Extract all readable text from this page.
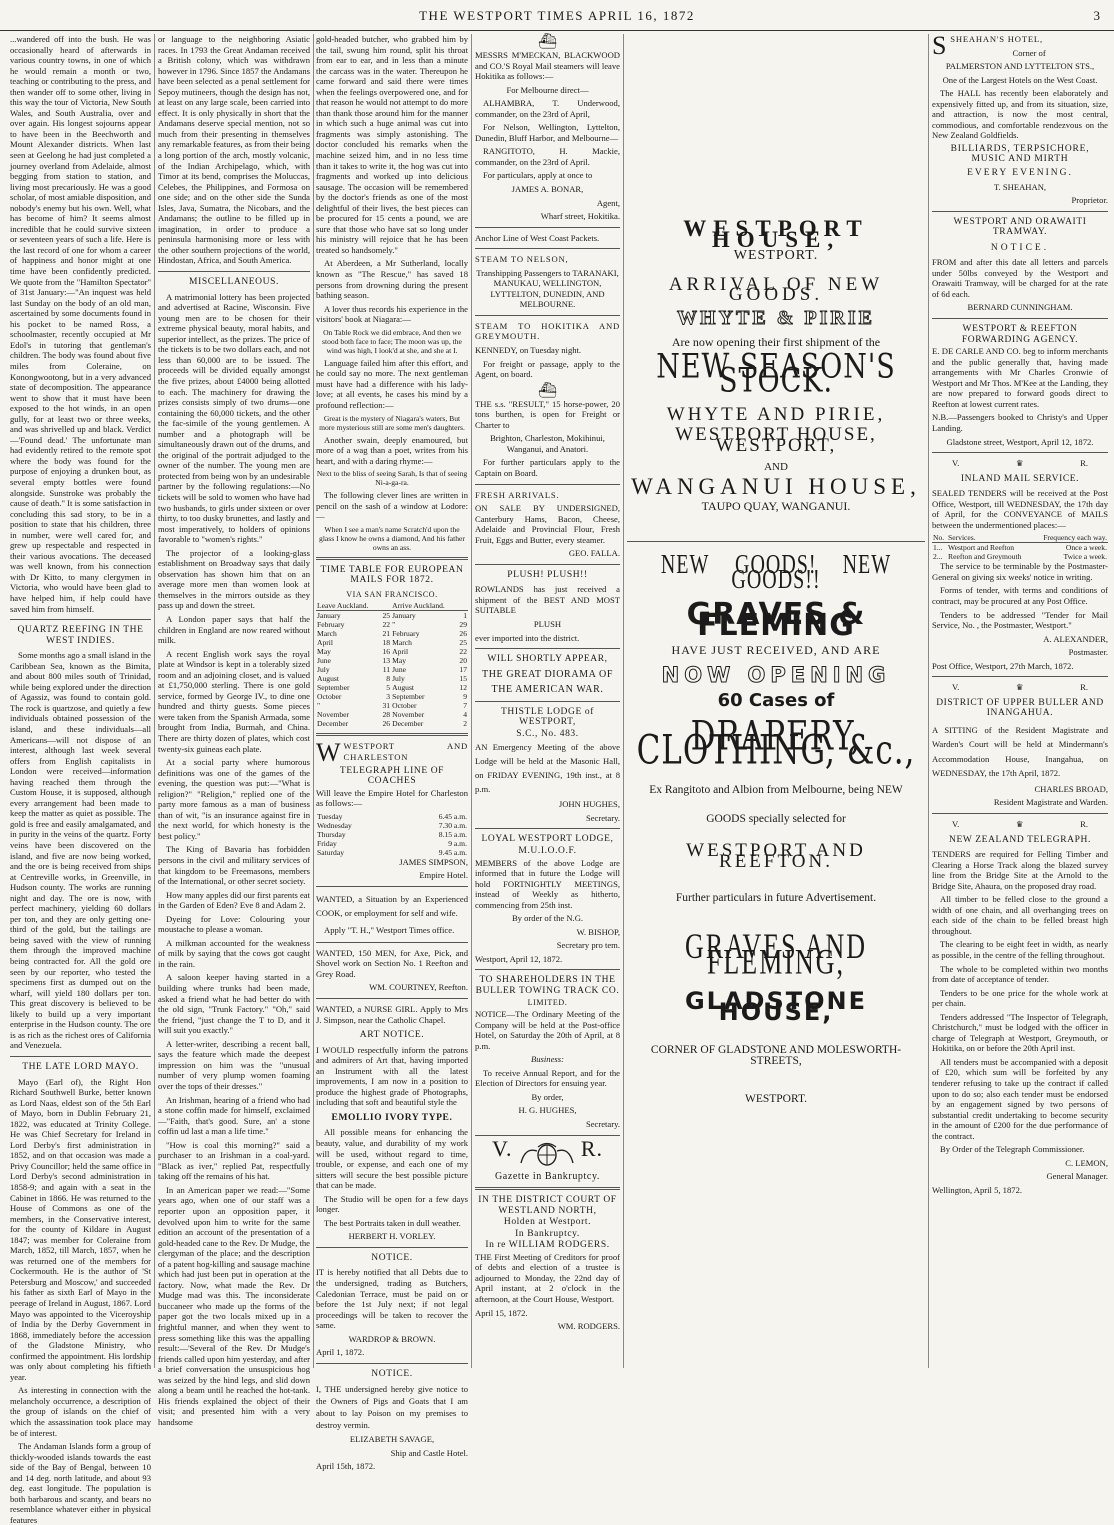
THE WESTPORT TIMES APRIL 16, 1872	3

...wandered off into the bush. He was occasionally heard of afterwards in various country towns, in one of which he would remain a month or two, teaching or contributing to the press, and then wander off to some other, living in this way the tour of Victoria, New South Wales, and South Australia, over and over again. His longest sojourns appear to have been in the Beechworth and Mount Alexander districts. When last seen at Geelong he had just completed a journey overland from Adelaide, almost begging from station to station, and living most precariously. He was a good scholar, of most amiable disposition, and nobody's enemy but his own. Well, what has become of him? It seems almost incredible that he could survive sixteen or seventeen years of such a life. Here is the last record of one for whom a career of happiness and honor might at one time have been confidently predicted. We quote from the "Hamilton Spectator" of 31st January:—"An inquest was held last Sunday on the body of an old man, ascertained by some documents found in his pocket to be named Ross, a schoolmaster, recently occupied at Mr Edol's in tutoring that gentleman's children. The body was found about five miles from Coleraine, on Konongwootong, but in a very advanced state of decomposition. The appearance went to show that it must have been exposed to the hot winds, in an open gully, for at least two or three weeks, and was shrivelled up and black. Verdict—'Found dead.' The unfortunate man had evidently retired to the remote spot where the body was found for the purpose of enjoying a drunken bout, as several empty bottles were found alongside. Sunstroke was probably the cause of death." It is some satisfaction in concluding this sad story, to be in a position to state that his children, three in number, were well cared for, and grew up respectable and respected in their various avocations. The deceased was well known, from his connection with Dr Kitto, to many clergymen in Victoria, who would have been glad to have helped him, if help could have saved him from himself.

QUARTZ REEFING IN THE WEST INDIES.

Some months ago a small island in the Caribbean Sea, known as the Bimita, and about 800 miles south of Trinidad, while being explored under the direction of Agassiz, was found to contain gold. The rock is quartzose, and quietly a few individuals obtained possession of the island, and these individuals—all Americans—will not dispose of an interest, although last week several offers from English capitalists in London were received—information having reached them through the Custom House, it is supposed, although every arrangement had been made to keep the matter as quiet as possible. The gold is free and easily amalgamated, and in purity in the veins of the quartz. Forty veins have been discovered on the island, and five are now being worked, and the ore is being received from ships at Centreville works, in Greenville, in Hudson county. The works are running night and day. The ore is now, with perfect machinery, yielding 60 dollars per ton, and they are only getting one-third of the gold, but the tailings are being saved with the view of running them through the improved machine being contracted for. All the gold ore seen by our reporter, who tested the specimens first as dumped out on the wharf, will yield 180 dollars per ton. This great discovery is believed to be likely to build up a very important enterprise in the Hudson county. The ore is as rich as the richest ores of California and Venezuela.

THE LATE LORD MAYO.

Mayo (Earl of), the Right Hon Richard Southwell Burke, better known as Lord Naas, eldest son of the 5th Earl of Mayo, born in Dublin February 21, 1822, was educated at Trinity College. He was Chief Secretary for Ireland in Lord Derby's first administration in 1852, and on that occasion was made a Privy Councillor; held the same office in Lord Derby's second administration in 1858-9; and again with a seat in the Cabinet in 1866. He was returned to the House of Commons as one of the members, in the Conservative interest, for the county of Kildare in August 1847; was member for Coleraine from March, 1852, till March, 1857, when he was returned one of the members for Cockermouth. He is the author of 'St Petersburg and Moscow,' and succeeded his father as sixth Earl of Mayo in the peerage of Ireland in August, 1867. Lord Mayo was appointed to the Viceroyship of India by the Derby Government in 1868, immediately before the accession of the Gladstone Ministry, who confirmed the appointment. His lordship was only about completing his fiftieth year.

As interesting in connection with the melancholy occurrence, a description of the group of islands on the chief of which the assassination took place may be of interest.

The Andaman Islands form a group of thickly-wooded islands towards the east side of the Bay of Bengal, between 10 and 14 deg. north latitude, and about 93 deg. east longitude. The population is both barbarous and scanty, and bears no resemblance whatever either in physical features

or language to the neighboring Asiatic races. In 1793 the Great Andaman received a British colony, which was withdrawn however in 1796. Since 1857 the Andamans have been selected as a penal settlement for Sepoy mutineers, though the design has not, at least on any large scale, been carried into effect. It is only physically in short that the Andamans deserve special mention, not so much from their presenting in themselves any remarkable features, as from their being a long portion of the arch, mostly volcanic, of the Indian Archipelago, which, with Timor at its bend, comprises the Moluccas, Celebes, the Philippines, and Formosa on one side; and on the other side the Sunda Isles, Java, Sumatra, the Nicobars, and the Andamans; the outline to be filled up in imagination, in order to produce a peninsula harmonising more or less with the other southern projections of the world, Hindostan, Africa, and South America.

MISCELLANEOUS.

A matrimonial lottery has been projected and advertised at Racine, Wisconsin. Five young men are to be chosen for their extreme physical beauty, moral habits, and superior intellect, as the prizes. The price of the tickets is to be two dollars each, and not less than 60,000 are to be issued. The proceeds will be divided equally amongst the five prizes, about £4000 being allotted to each. The machinery for drawing the prizes consists simply of two drums—one containing the 60,000 tickets, and the other the fac-simile of the young gentlemen. A number and a photograph will be simultaneously drawn out of the drums, and the original of the portrait adjudged to the owner of the number. The young men are protected from being won by an undesirable partner by the following regulations:—No tickets will be sold to women who have had two husbands, to girls under sixteen or over thirty, to too dusky brunettes, and lastly and most imperatively, to holders of opinions favorable to "women's rights."

The projector of a looking-glass establishment on Broadway says that daily observation has shown him that on an average more men than women look at themselves in the mirrors outside as they pass up and down the street.

A London paper says that half the children in England are now reared without milk.

A recent English work says the royal plate at Windsor is kept in a tolerably sized room and an adjoining closet, and is valued at £1,750,000 sterling. There is one gold service, formed by George IV., to dine one hundred and thirty guests. Some pieces were taken from the Spanish Armada, some brought from India, Burmah, and China. There are thirty dozen of plates, which cost twenty-six guineas each plate.

At a social party where humorous definitions was one of the games of the evening, the question was put:—"What is religion?" "Religion," replied one of the party more famous as a man of business than of wit, "is an insurance against fire in the next world, for which honesty is the best policy."

The King of Bavaria has forbidden persons in the civil and military services of that kingdom to be Freemasons, members of the International, or other secret society.

How many apples did our first parents eat in the Garden of Eden? Eve 8 and Adam 2.

Dyeing for Love: Colouring your moustache to please a woman.

A milkman accounted for the weakness of milk by saying that the cows got caught in the rain.

A saloon keeper having started in a building where trunks had been made, asked a friend what he had better do with the old sign, "Trunk Factory." "Oh," said the friend, "just change the T to D, and it will suit you exactly."

A letter-writer, describing a recent ball, says the feature which made the deepest impression on him was the "unusual number of very plump women foaming over the tops of their dresses."

An Irishman, hearing of a friend who had a stone coffin made for himself, exclaimed—"Faith, that's good. Sure, an' a stone coffin ud last a man a life time."

"How is coal this morning?" said a purchaser to an Irishman in a coal-yard. "Black as iver," replied Pat, respectfully taking off the remains of his hat.

In an American paper we read:—"Some years ago, when one of our staff was a reporter upon an opposition paper, it devolved upon him to write for the same edition an account of the presentation of a gold-headed cane to the Rev. Dr Mudge, the clergyman of the place; and the description of a patent hog-killing and sausage machine which had just been put in operation at the factory. Now, what made the Rev. Dr Mudge mad was this. The inconsiderate buccaneer who made up the forms of the paper got the two locals mixed up in a frightful manner, and when they went to press something like this was the appalling result:—'Several of the Rev. Dr Mudge's friends called upon him yesterday, and after a brief conversation the unsuspicious hog was seized by the hind legs, and slid down along a beam until he reached the hot-tank. His friends explained the object of their visit; and presented him with a very handsome

gold-headed butcher, who grabbed him by the tail, swung him round, split his throat from ear to ear, and in less than a minute the carcass was in the water. Thereupon he came forward and said there were times when the feelings overpowered one, and for that reason he would not attempt to do more than thank those around him for the manner in which such a huge animal was cut into fragments was simply astonishing. The doctor concluded his remarks when the machine seized him, and in no less time than it takes to write it, the hog was cut into fragments and worked up into delicious sausage. The occasion will be remembered by the doctor's friends as one of the most delightful of their lives, the best pieces can be procured for 15 cents a pound, we are sure that those who have sat so long under his ministry will rejoice that he has been treated so handsomely."

At Aberdeen, a Mr Sutherland, locally known as "The Rescue," has saved 18 persons from drowning during the present bathing season.

A lover thus records his experience in the visitors' book at Niagara:—

On Table Rock we did embrace, And then we stood both face to face; The moon was up, the wind was high, I look'd at she, and she at I.

Language failed him after this effort, and he could say no more. The next gentleman must have had a difference with his lady-love; at all events, he cases his mind by a profound reflection:—

Great is the mystery of Niagara's waters, But more mysterious still are some men's daughters.

Another swain, deeply enamoured, but more of a wag than a poet, writes from his heart, and with a daring rhyme:—

Next to the bliss of seeing Sarah, Is that of seeing Ni-a-ga-ra.

The following clever lines are written in pencil on the sash of a window at Lodore:—

When I see a man's name Scratch'd upon the glass I know he owns a diamond, And his father owns an ass.

TIME TABLE FOR EUROPEAN MAILS FOR 1872.
VIA SAN FRANCISCO.
Leave Auckland.		Arrive Auckland.	
January	25	January	1
February	22	"	29
March	21	February	26
April	18	March	25
May	16	April	22
June	13	May	20
July	11	June	17
August	8	July	15
September	5	August	12
October	3	September	9
"	31	October	7
November	28	November	4
December	26	December	2

WWESTPORT AND CHARLESTON

TELEGRAPH LINE OF COACHES

Will leave the Empire Hotel for Charleston as follows:—

Tuesday	6.45 a.m.
Wednesday	7.30 a.m.
Thursday	8.15 a.m.
Friday	9 a.m.
Saturday	9.45 a.m.

JAMES SIMPSON,

Empire Hotel.

WANTED, a Situation by an Experienced COOK, or employment for self and wife.

Apply "T. H.," Westport Times office.

WANTED, 150 MEN, for Axe, Pick, and Shovel work on Section No. 1 Reefton and Grey Road.

WM. COURTNEY, Reefton.

WANTED, a NURSE GIRL. Apply to Mrs J. Simpson, near the Catholic Chapel.

ART NOTICE.

I WOULD respectfully inform the patrons and admirers of Art that, having imported an Instrument with all the latest improvements, I am now in a position to produce the highest grade of Photographs, including that soft and beautiful style the

EMOLLIO IVORY TYPE.

All possible means for enhancing the beauty, value, and durability of my work will be used, without regard to time, trouble, or expense, and each one of my sitters will secure the best possible picture that can be made.

The Studio will be open for a few days longer.

The best Portraits taken in dull weather.

HERBERT H. VORLEY.

NOTICE.

IT is hereby notified that all Debts due to the undersigned, trading as Butchers, Caledonian Terrace, must be paid on or before the 1st July next; if not legal proceedings will be taken to recover the same.

WARDROP & BROWN.

April 1, 1872.

NOTICE.

I, THE undersigned hereby give notice to the Owners of Pigs and Goats that I am about to lay Poison on my premises to destroy vermin.

ELIZABETH SAVAGE,

Ship and Castle Hotel.

April 15th, 1872.

⛴

MESSRS M'MECKAN, BLACKWOOD and CO.'S Royal Mail steamers will leave Hokitika as follows:—

For Melbourne direct—

ALHAMBRA, T. Underwood, commander, on the 23rd of April,

For Nelson, Wellington, Lyttelton, Dunedin, Bluff Harbor, and Melbourne—

RANGITOTO, H. Mackie, commander, on the 23rd of April.

For particulars, apply at once to

JAMES A. BONAR,

Agent,

Wharf street, Hokitika.

Anchor Line of West Coast Packets.

STEAM TO NELSON,

Transhipping Passengers to TARANAKI, MANUKAU, WELLINGTON, LYTTELTON, DUNEDIN, AND MELBOURNE.

STEAM TO HOKITIKA AND GREYMOUTH.

KENNEDY, on Tuesday night.

For freight or passage, apply to the Agent, on board.

⛴

THE s.s. "RESULT," 15 horse-power, 20 tons burthen, is open for Freight or Charter to

Brighton, Charleston, Mokihinui, Wanganui, and Anatori.

For further particulars apply to the Captain on Board.

FRESH ARRIVALS.

ON SALE BY UNDERSIGNED, Canterbury Hams, Bacon, Cheese, Adelaide and Provincial Flour, Fresh Fruit, Eggs and Butter, every steamer.

GEO. FALLA.

PLUSH! PLUSH!!

ROWLANDS has just received a shipment of the BEST AND MOST SUITABLE

PLUSH

ever imported into the district.

WILL SHORTLY APPEAR,
THE GREAT DIORAMA OF
THE AMERICAN WAR.
THISTLE LODGE of WESTPORT,
S.C., No. 483.

AN Emergency Meeting of the above Lodge will be held at the Masonic Hall, on FRIDAY EVENING, 19th inst., at 8 p.m.

JOHN HUGHES,

Secretary.

LOYAL WESTPORT LODGE,
M.U.I.O.O.F.

MEMBERS of the above Lodge are informed that in future the Lodge will hold FORTNIGHTLY MEETINGS, instead of Weekly as hitherto, commencing from 25th inst.

By order of the N.G.

W. BISHOP,

Secretary pro tem.

Westport, April 12, 1872.

TO SHAREHOLDERS IN THE BULLER TOWING TRACK CO.
LIMITED.

NOTICE—The Ordinary Meeting of the Company will be held at the Post-office Hotel, on Saturday the 20th of April, at 8 p.m.

Business:

To receive Annual Report, and for the Election of Directors for ensuing year.

By order,

H. G. HUGHES,

Secretary.

V.	R.
Gazette in Bankruptcy.
IN THE DISTRICT COURT OF WESTLAND NORTH,
Holden at Westport.
In Bankruptcy.
In re WILLIAM RODGERS.

THE First Meeting of Creditors for proof of debts and election of a trustee is adjourned to Monday, the 22nd day of April instant, at 2 o'clock in the afternoon, at the Court House, Westport.

April 15, 1872.

WM. RODGERS.

WESTPORT HOUSE,

WESTPORT.

ARRIVAL OF NEW GOODS.

WHYTE & PIRIE

Are now opening their first shipment of the

NEW SEASON'S STOCK.

WHYTE AND PIRIE,

WESTPORT HOUSE, WESTPORT,

AND

WANGANUI HOUSE,

TAUPO QUAY, WANGANUI.

NEW GOODS! NEW GOODS!!

GRAVES & FLEMING

HAVE JUST RECEIVED, AND ARE

NOW OPENING

60 Cases of

DRAPERY, CLOTHING, &c.,

Ex Rangitoto and Albion from Melbourne, being NEW

GOODS specially selected for

WESTPORT AND REEFTON.

Further particulars in future Advertisement.

GRAVES AND FLEMING,

GLADSTONE HOUSE,

CORNER OF GLADSTONE AND MOLESWORTH-STREETS,

WESTPORT.

SSHEAHAN'S HOTEL,

Corner of

PALMERSTON AND LYTTELTON STS.,

One of the Largest Hotels on the West Coast.

The HALL has recently been elaborately and expensively fitted up, and from its situation, size, and attraction, is now the most central, commodious, and comfortable rendezvous on the New Zealand Goldfields.

BILLIARDS, TERPSICHORE, MUSIC AND MIRTH

EVERY EVENING.

T. SHEAHAN,

Proprietor.

WESTPORT AND ORAWAITI TRAMWAY.
NOTICE.

FROM and after this date all letters and parcels under 50lbs conveyed by the Westport and Orawaiti Tramway, will be charged for at the rate of 6d each.

BERNARD CUNNINGHAM.

WESTPORT & REEFTON FORWARDING AGENCY.

E. DE CARLE AND CO. beg to inform merchants and the public generally that, having made arrangements with Mr Charles Cronwie of Westport and Mr Thos. M'Kee at the Landing, they are now prepared to forward goods direct to Reefton at lowest current rates.

N.B.—Passengers booked to Christy's and Upper Landing.

Gladstone street, Westport, April 12, 1872.

V.	♛	R.

INLAND MAIL SERVICE.

SEALED TENDERS will be received at the Post Office, Westport, till WEDNESDAY, the 17th day of April, for the CONVEYANCE of MAILS between the undermentioned places:—

No.	Services.	Frequency each way.
1...	Westport and Reefton	Once a week.
2...	Reefton and Greymouth	Twice a week.

The service to be terminable by the Postmaster-General on giving six weeks' notice in writing.

Forms of tender, with terms and conditions of contract, may be procured at any Post Office.

Tenders to be addressed "Tender for Mail Service, No. , the Postmaster, Westport."

A. ALEXANDER,

Postmaster.

Post Office, Westport, 27th March, 1872.

V.	♛	R.

DISTRICT OF UPPER BULLER AND INANGAHUA.

A SITTING of the Resident Magistrate and Warden's Court will be held at Mindermann's Accommodation House, Inangahua, on WEDNESDAY, the 17th April, 1872.

CHARLES BROAD,

Resident Magistrate and Warden.

V.	♛	R.

NEW ZEALAND TELEGRAPH.

TENDERS are required for Felling Timber and Clearing a Horse Track along the blazed survey line from the Bridge Site at the Arnold to the Bridge Site, Ahaura, on the proposed dray road.

All timber to be felled close to the ground a width of one chain, and all overhanging trees on each side of the chain to be felled breast high throughout.

The clearing to be eight feet in width, as nearly as possible, in the centre of the felling throughout.

The whole to be completed within two months from date of acceptance of tender.

Tenders to be one price for the whole work at per chain.

Tenders addressed "The Inspector of Telegraph, Christchurch," must be lodged with the officer in charge of Telegraph at Westport, Greymouth, or Hokitika, on or before the 20th April inst.

All tenders must be accompanied with a deposit of £20, which sum will be forfeited by any tenderer refusing to take up the contract if called upon to do so; also each tender must be endorsed by an engagement signed by two persons of substantial credit undertaking to become security in the amount of £200 for the due performance of the contract.

By Order of the Telegraph Commissioner.

C. LEMON,

General Manager.

Wellington, April 5, 1872.
